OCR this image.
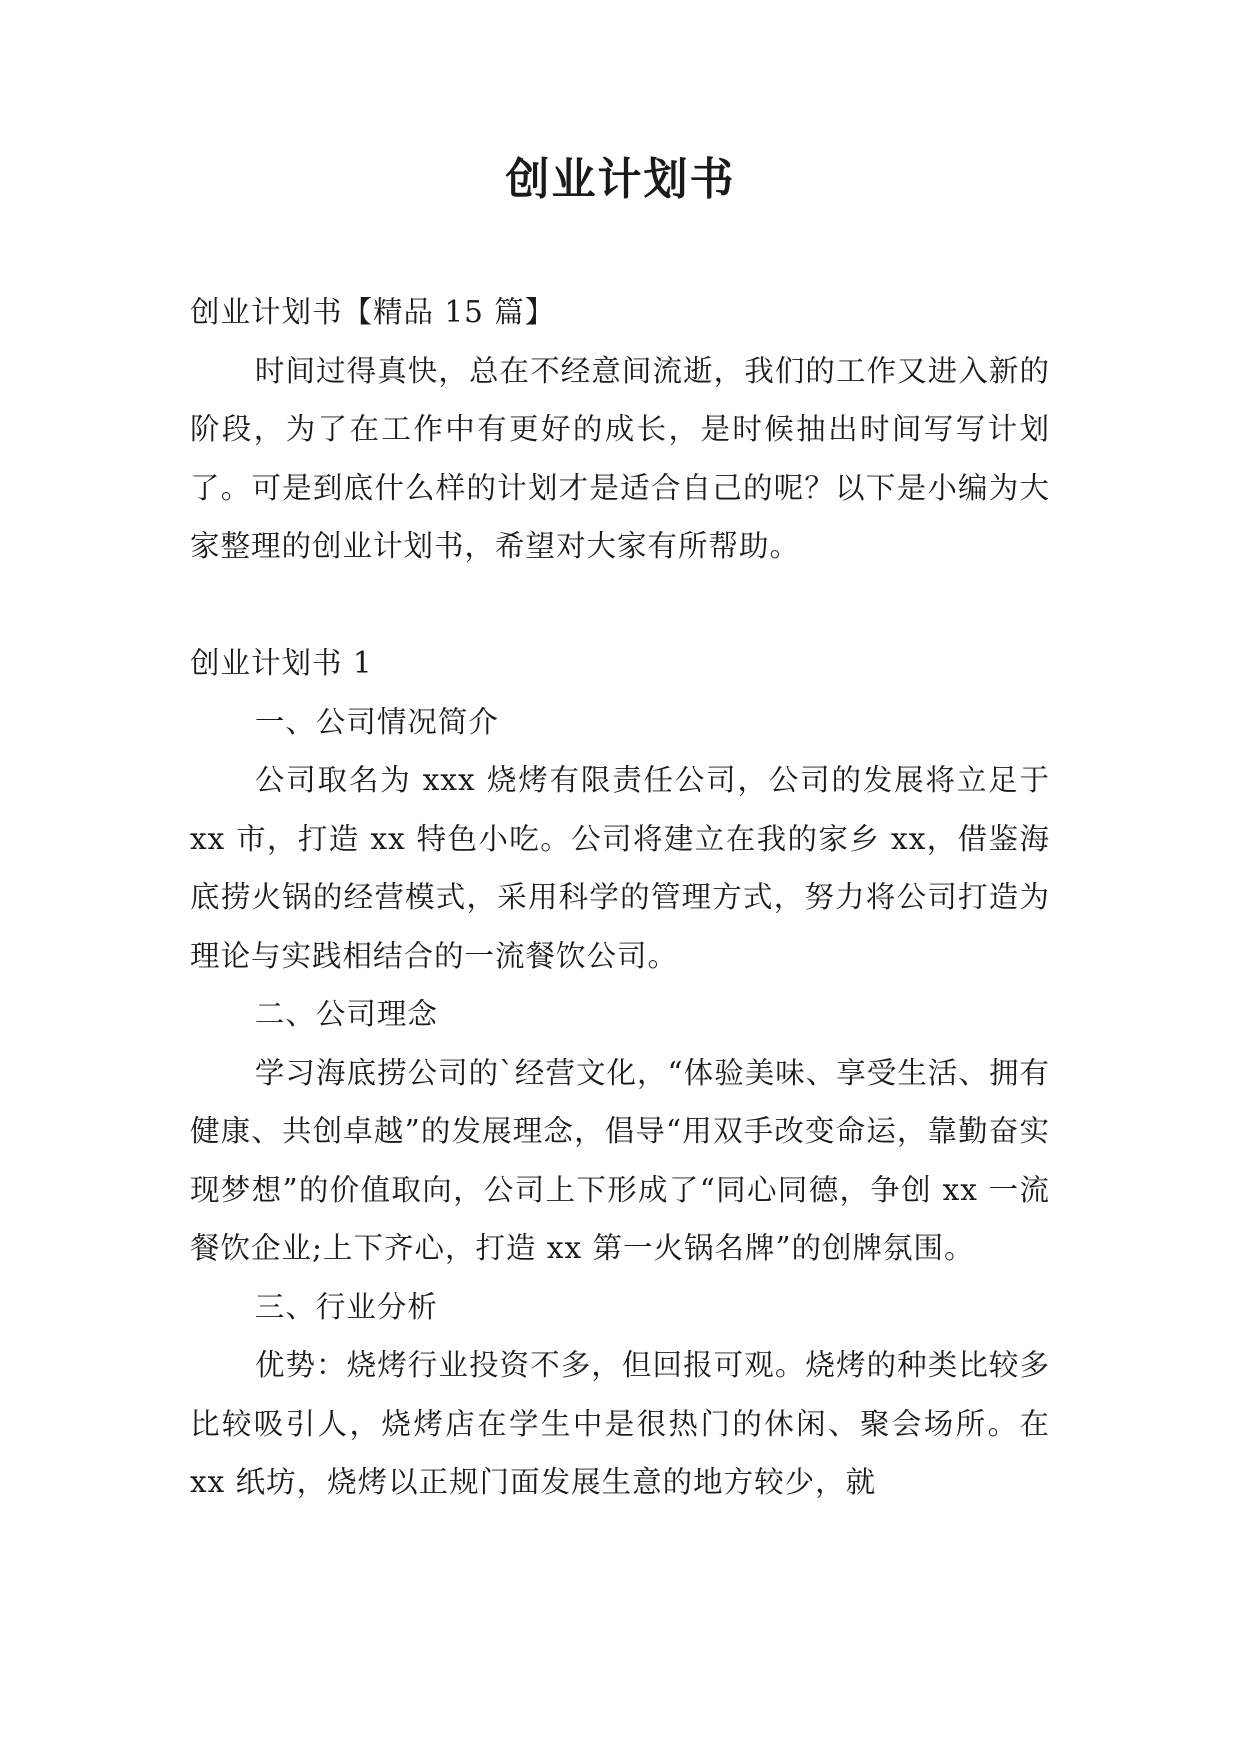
创业计划书

创业计划书【精品 15 篇】

时间过得真快，总在不经意间流逝，我们的工作又进入新的阶段，为了在工作中有更好的成长，是时候抽出时间写写计划了。可是到底什么样的计划才是适合自己的呢？以下是小编为大家整理的创业计划书，希望对大家有所帮助。

创业计划书 1

一、公司情况简介

公司取名为 xxx 烧烤有限责任公司，公司的发展将立足于 xx 市，打造 xx 特色小吃。公司将建立在我的家乡 xx，借鉴海底捞火锅的经营模式，采用科学的管理方式，努力将公司打造为理论与实践相结合的一流餐饮公司。

二、公司理念

学习海底捞公司的`经营文化，“体验美味、享受生活、拥有健康、共创卓越”的发展理念，倡导“用双手改变命运，靠勤奋实现梦想”的价值取向，公司上下形成了“同心同德，争创 xx 一流餐饮企业;上下齐心，打造 xx 第一火锅名牌”的创牌氛围。

三、行业分析

优势：烧烤行业投资不多，但回报可观。烧烤的种类比较多比较吸引人，烧烤店在学生中是很热门的休闲、聚会场所。在 xx 纸坊，烧烤以正规门面发展生意的地方较少，就
